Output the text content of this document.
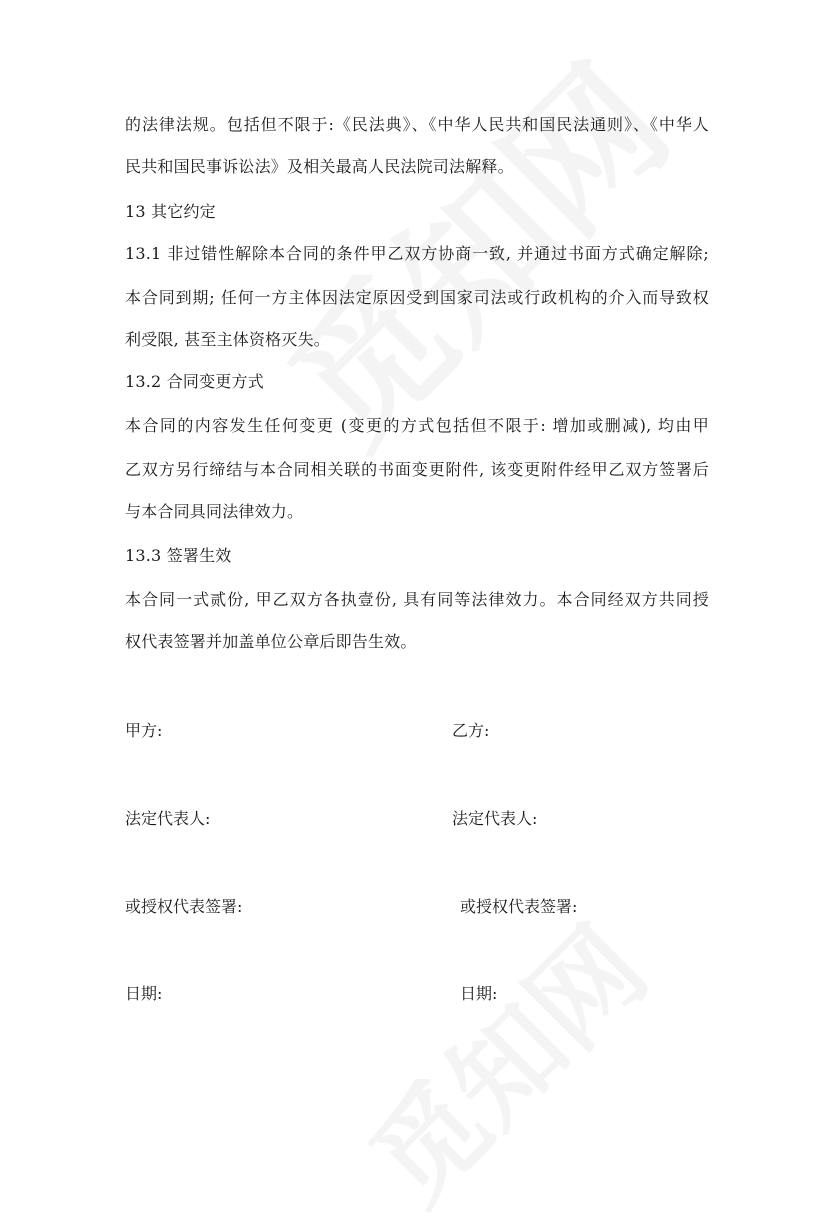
的法律法规。包括但不限于:《民法典》、《中华人民共和国民法通则》、《中华人
民共和国民事诉讼法》及相关最高人民法院司法解释。
13 其它约定
13.1 非过错性解除本合同的条件甲乙双方协商一致, 并通过书面方式确定解除;
本合同到期; 任何一方主体因法定原因受到国家司法或行政机构的介入而导致权
利受限, 甚至主体资格灭失。
13.2 合同变更方式
本合同的内容发生任何变更 (变更的方式包括但不限于: 增加或删减), 均由甲
乙双方另行缔结与本合同相关联的书面变更附件, 该变更附件经甲乙双方签署后
与本合同具同法律效力。
13.3 签署生效
本合同一式贰份, 甲乙双方各执壹份, 具有同等法律效力。本合同经双方共同授
权代表签署并加盖单位公章后即告生效。
甲方:	乙方:
法定代表人:	法定代表人:
或授权代表签署:	或授权代表签署:
日期:	日期:
